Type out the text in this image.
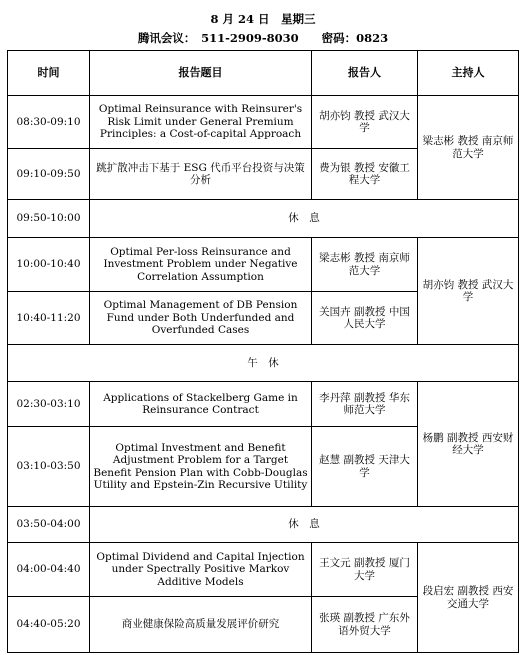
8 月 24 日　星期三
腾讯会议：　511-2909-8030　　密码：0823
时间	报告题目	报告人	主持人
08:30-09:10	Optimal Reinsurance with Reinsurer's Risk Limit under General Premium Principles: a Cost-of-capital Approach	胡亦钧 教授 武汉大学	梁志彬 教授 南京师范大学
09:10-09:50	跳扩散冲击下基于 ESG 代币平台投资与决策分析	费为银 教授 安徽工程大学	
09:50-10:00	休　息		
10:00-10:40	Optimal Per-loss Reinsurance and Investment Problem under Negative Correlation Assumption	梁志彬 教授 南京师范大学	胡亦钧 教授 武汉大学
10:40-11:20	Optimal Management of DB Pension Fund under Both Underfunded and Overfunded Cases	关国卉 副教授 中国人民大学	
午　休			
02:30-03:10	Applications of Stackelberg Game in Reinsurance Contract	李丹萍 副教授 华东师范大学	杨鹏 副教授 西安财经大学
03:10-03:50	Optimal Investment and Benefit Adjustment Problem for a Target Benefit Pension Plan with Cobb-Douglas Utility and Epstein-Zin Recursive Utility	赵慧 副教授 天津大学	
03:50-04:00	休　息		
04:00-04:40	Optimal Dividend and Capital Injection under Spectrally Positive Markov Additive Models	王文元 副教授 厦门大学	段启宏 副教授 西安交通大学
04:40-05:20	商业健康保险高质量发展评价研究	张瑛 副教授 广东外语外贸大学	
